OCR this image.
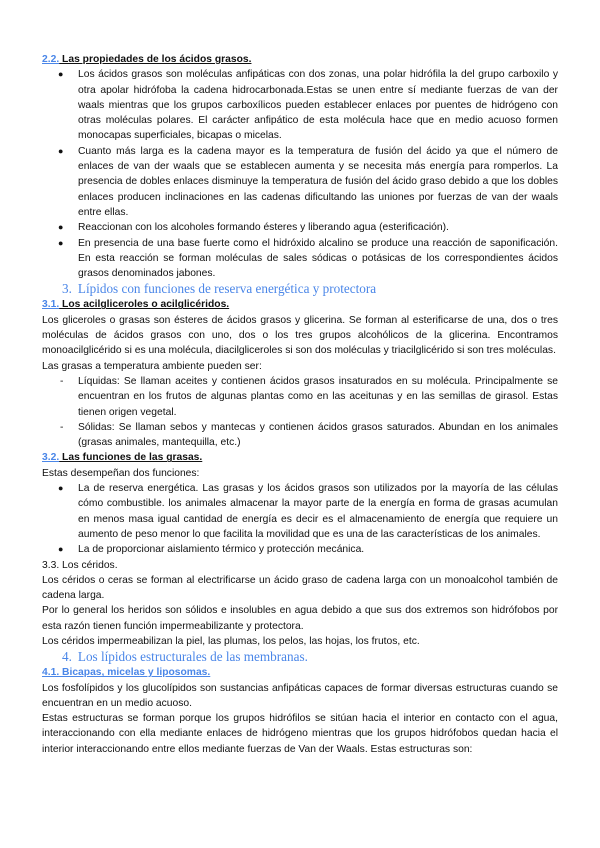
2.2. Las propiedades de los ácidos grasos.

● Los ácidos grasos son moléculas anfipáticas con dos zonas, una polar hidrófila la del grupo carboxilo y otra apolar hidrófoba la cadena hidrocarbonada.Estas se unen entre sí mediante fuerzas de van der waals mientras que los grupos carboxílicos pueden establecer enlaces por puentes de hidrógeno con otras moléculas polares. El carácter anfipático de esta molécula hace que en medio acuoso formen monocapas superficiales, bicapas o micelas.
● Cuanto más larga es la cadena mayor es la temperatura de fusión del ácido ya que el número de enlaces de van der waals que se establecen aumenta y se necesita más energía para romperlos. La presencia de dobles enlaces disminuye la temperatura de fusión del ácido graso debido a que los dobles enlaces producen inclinaciones en las cadenas dificultando las uniones por fuerzas de van der waals entre ellas.
● Reaccionan con los alcoholes formando ésteres y liberando agua (esterificación).
● En presencia de una base fuerte como el hidróxido alcalino se produce una reacción de saponificación. En esta reacción se forman moléculas de sales sódicas o potásicas de los correspondientes ácidos grasos denominados jabones.

3. Lípidos con funciones de reserva energética y protectora

3.1. Los acilgliceroles o acilglicéridos.

Los gliceroles o grasas son ésteres de ácidos grasos y glicerina. Se forman al esterificarse de una, dos o tres moléculas de ácidos grasos con uno, dos o los tres grupos alcohólicos de la glicerina. Encontramos monoacilglicérido si es una molécula, diacilgliceroles si son dos moléculas y triacilglicérido si son tres moléculas.

Las grasas a temperatura ambiente pueden ser:

- Líquidas: Se llaman aceites y contienen ácidos grasos insaturados en su molécula. Principalmente se encuentran en los frutos de algunas plantas como en las aceitunas y en las semillas de girasol. Estas tienen origen vegetal.
- Sólidas: Se llaman sebos y mantecas y contienen ácidos grasos saturados. Abundan en los animales (grasas animales, mantequilla, etc.)

3.2. Las funciones de las grasas.

Estas desempeñan dos funciones:

● La de reserva energética. Las grasas y los ácidos grasos son utilizados por la mayoría de las células cómo combustible. los animales almacenar la mayor parte de la energía en forma de grasas acumulan en menos masa igual cantidad de energía es decir es el almacenamiento de energía que requiere un aumento de peso menor lo que facilita la movilidad que es una de las características de los animales.
● La de proporcionar aislamiento térmico y protección mecánica.

3.3. Los céridos.

Los céridos o ceras se forman al electrificarse un ácido graso de cadena larga con un monoalcohol también de cadena larga.

Por lo general los heridos son sólidos e insolubles en agua debido a que sus dos extremos son hidrófobos por esta razón tienen función impermeabilizante y protectora.

Los céridos impermeabilizan la piel, las plumas, los pelos, las hojas, los frutos, etc.

4. Los lípidos estructurales de las membranas.

4.1. Bicapas, micelas y liposomas.

Los fosfolípidos y los glucolípidos son sustancias anfipáticas capaces de formar diversas estructuras cuando se encuentran en un medio acuoso.

Estas estructuras se forman porque los grupos hidrófilos se sitúan hacia el interior en contacto con el agua, interaccionando con ella mediante enlaces de hidrógeno mientras que los grupos hidrófobos quedan hacia el interior interaccionando entre ellos mediante fuerzas de Van der Waals. Estas estructuras son:
